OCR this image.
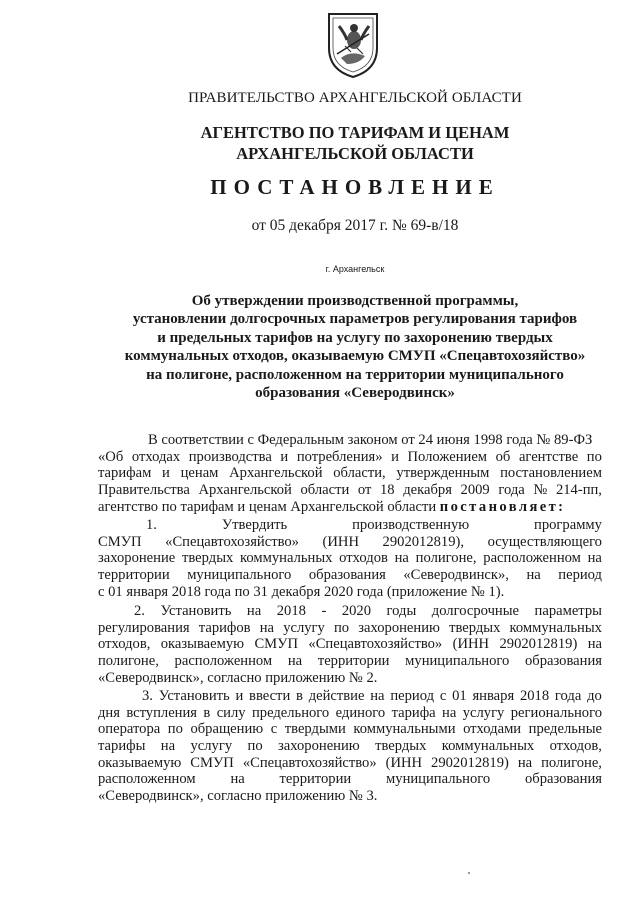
ПРАВИТЕЛЬСТВО АРХАНГЕЛЬСКОЙ ОБЛАСТИ
АГЕНТСТВО ПО ТАРИФАМ И ЦЕНАМ
АРХАНГЕЛЬСКОЙ ОБЛАСТИ
ПОСТАНОВЛЕНИЕ
от 05 декабря 2017 г. № 69-в/18
г. Архангельск
Об утверждении производственной программы,
установлении долгосрочных параметров регулирования тарифов
и предельных тарифов на услугу по захоронению твердых
коммунальных отходов, оказываемую СМУП «Спецавтохозяйство»
на полигоне, расположенном на территории муниципального
образования «Северодвинск»
В соответствии с Федеральным законом от 24 июня 1998 года № 89-ФЗ
«Об отходах производства и потребления» и Положением об агентстве по
тарифам и ценам Архангельской области, утвержденным постановлением
Правительства Архангельской области от 18 декабря 2009 года № 214-пп,
агентство по тарифам и ценам Архангельской области постановляет:
1.	Утвердить	производственную	программу
СМУП «Спецавтохозяйство» (ИНН 2902012819), осуществляющего
захоронение твердых коммунальных отходов на полигоне, расположенном на
территории муниципального образования «Северодвинск», на период
с 01 января 2018 года по 31 декабря 2020 года (приложение № 1).
2. Установить на 2018 - 2020 годы долгосрочные параметры
регулирования тарифов на услугу по захоронению твердых коммунальных
отходов, оказываемую СМУП «Спецавтохозяйство» (ИНН 2902012819) на
полигоне, расположенном на территории муниципального образования
«Северодвинск», согласно приложению № 2.
3. Установить и ввести в действие на период с 01 января 2018 года до
дня вступления в силу предельного единого тарифа на услугу регионального
оператора по обращению с твердыми коммунальными отходами предельные
тарифы на услугу по захоронению твердых коммунальных отходов,
оказываемую СМУП «Спецавтохозяйство» (ИНН 2902012819) на полигоне,
расположенном на территории муниципального образования
«Северодвинск», согласно приложению № 3.
